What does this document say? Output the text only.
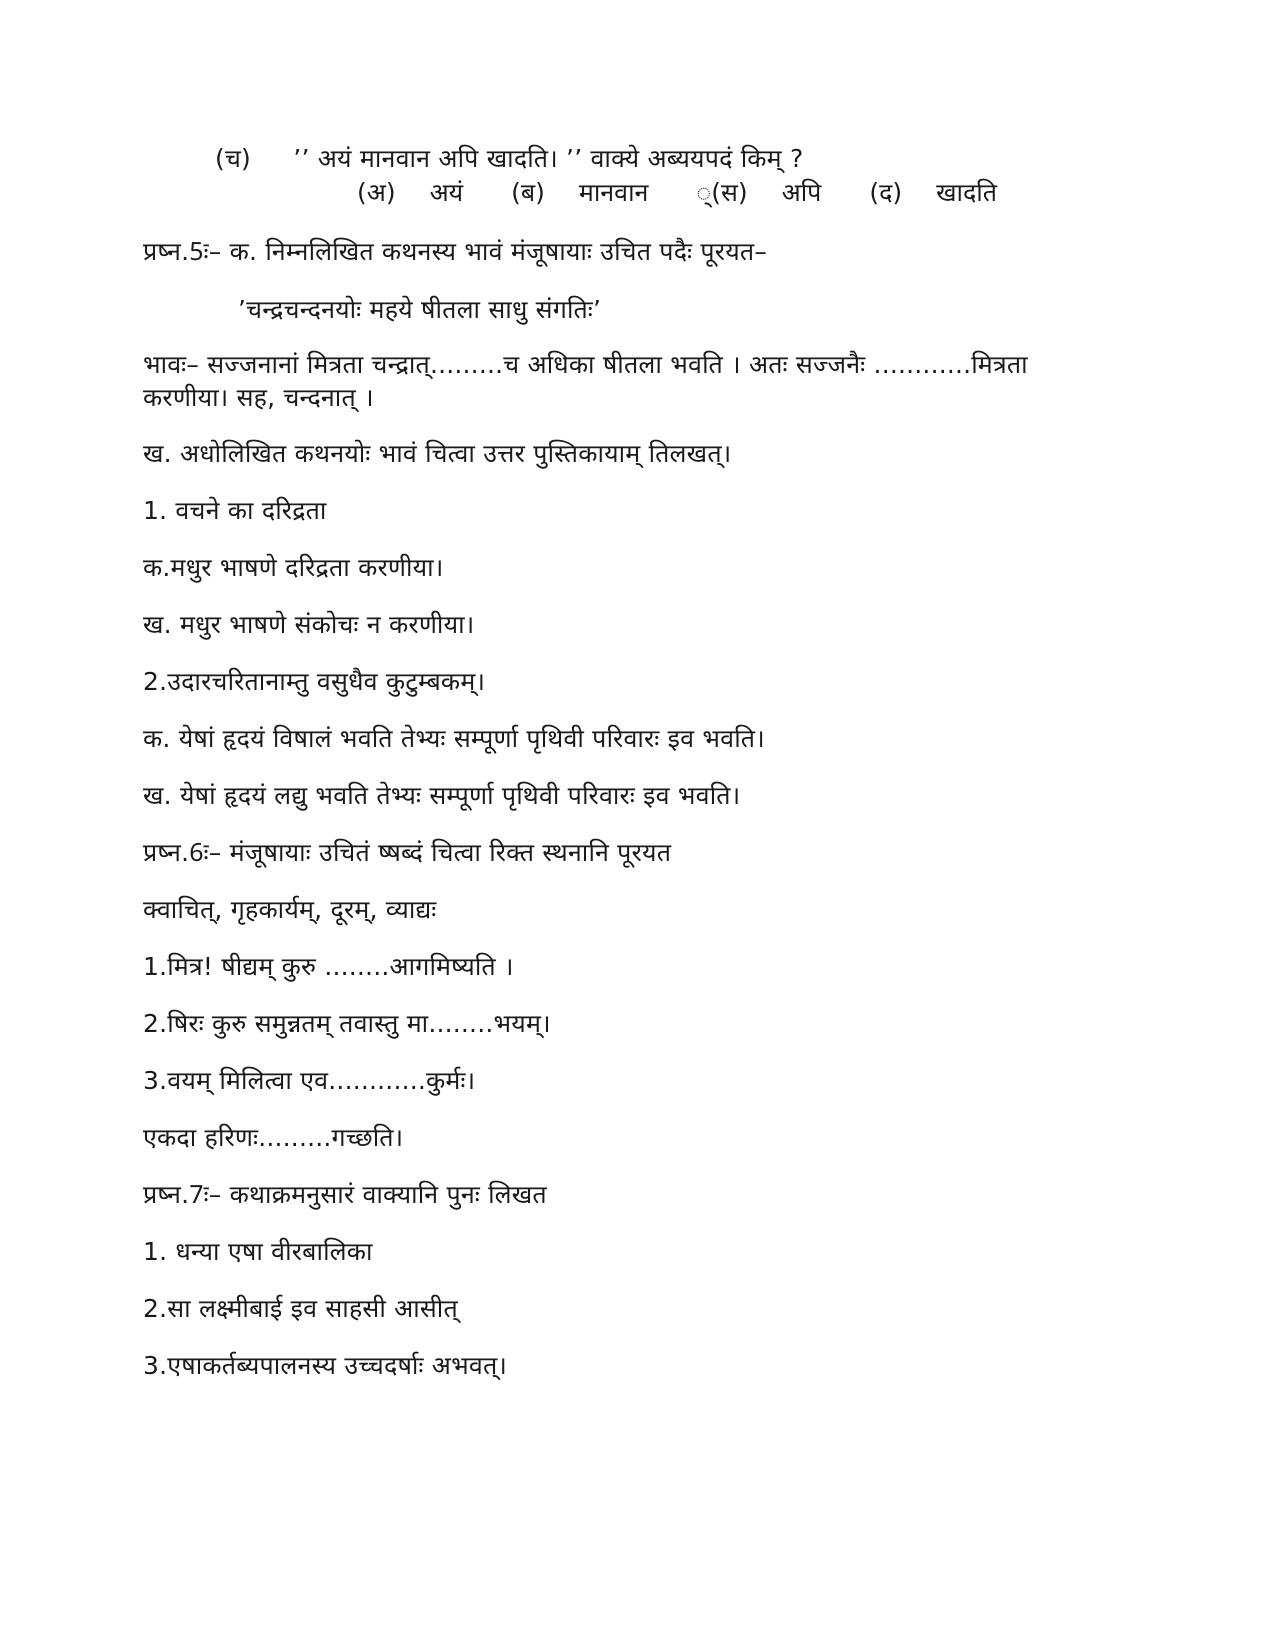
(च) ’’ अयं मानवान अपि खादति। ’’ वाक्ये अब्ययपदं किम् ?
(अ) अयं (ब) मानवान ्(स) अपि (द) खादति
प्रष्न.5ः– क. निम्नलिखित कथनस्य भावं मंजूषायाः उचित पदैः पूरयत–
’चन्द्रचन्दनयोः महये षीतला साधु संगतिः’
भावः– सज्जनानां मित्रता चन्द्रात्.........च अधिका षीतला भवति । अतः सज्जनैः ............मित्रता
करणीया। सह, चन्दनात् ।
ख. अधोलिखित कथनयोः भावं चित्वा उत्तर पुस्तिकायाम् तिलखत्।
1. वचने का दरिद्रता
क.मधुर भाषणे दरिद्रता करणीया।
ख. मधुर भाषणे संकोचः न करणीया।
2.उदारचरितानाम्तु वसुधैव कुटुम्बकम्।
क. येषां हृदयं विषालं भवति तेभ्यः सम्पूर्णा पृथिवी परिवारः इव भवति।
ख. येषां हृदयं लद्यु भवति तेभ्यः सम्पूर्णा पृथिवी परिवारः इव भवति।
प्रष्न.6ः– मंजूषायाः उचितं ष्षब्दं चित्वा रिक्त स्थनानि पूरयत
क्वाचित्, गृहकार्यम्, दूरम्, व्याद्यः
1.मित्र! षीद्यम् कुरु ........आगमिष्यति ।
2.षिरः कुरु समुन्नतम् तवास्तु मा........भयम्।
3.वयम् मिलित्वा एव............कुर्मः।
एकदा हरिणः.........गच्छति।
प्रष्न.7ः– कथाक्रमनुसारं वाक्यानि पुनः लिखत
1. धन्या एषा वीरबालिका
2.सा लक्ष्मीबाई इव साहसी आसीत्
3.एषाकर्तब्यपालनस्य उच्चदर्षाः अभवत्।
